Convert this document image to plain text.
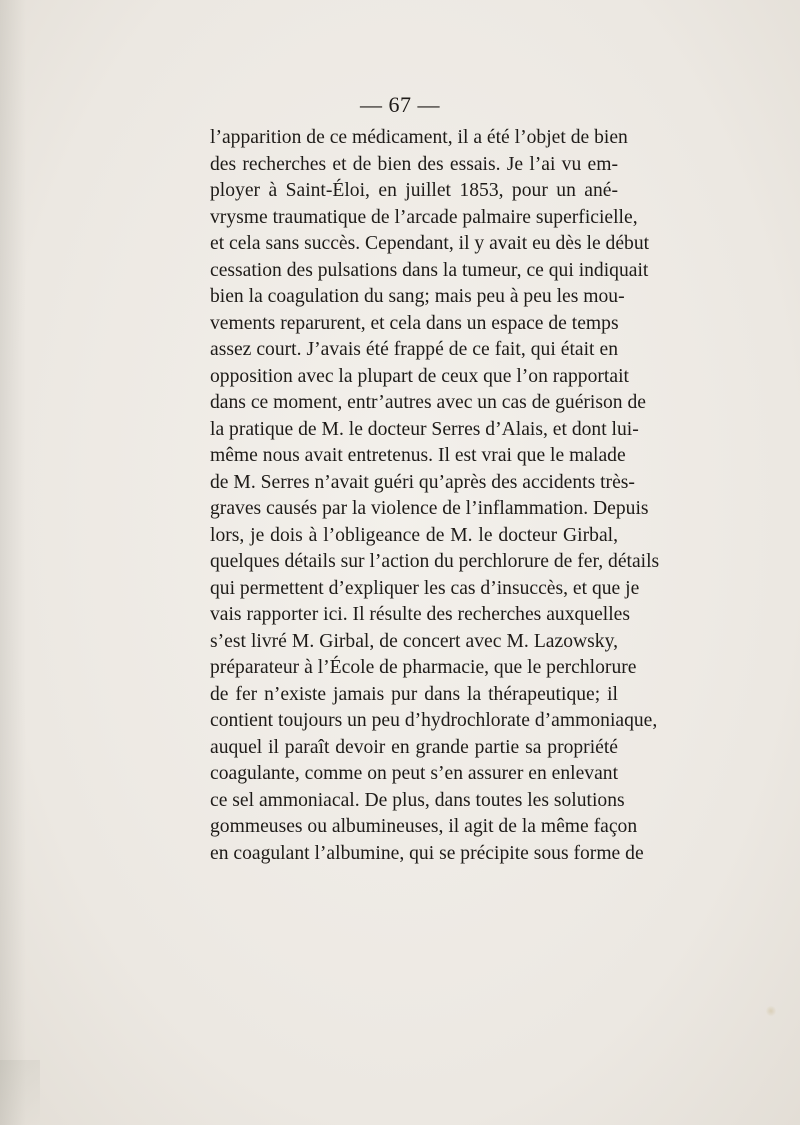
— 67 —
l’apparition de ce médicament, il a été l’objet de bien
des recherches et de bien des essais. Je l’ai vu em-
ployer à Saint-Éloi, en juillet 1853, pour un ané-
vrysme traumatique de l’arcade palmaire superficielle,
et cela sans succès. Cependant, il y avait eu dès le début
cessation des pulsations dans la tumeur, ce qui indiquait
bien la coagulation du sang; mais peu à peu les mou-
vements reparurent, et cela dans un espace de temps
assez court. J’avais été frappé de ce fait, qui était en
opposition avec la plupart de ceux que l’on rapportait
dans ce moment, entr’autres avec un cas de guérison de
la pratique de M. le docteur Serres d’Alais, et dont lui-
même nous avait entretenus. Il est vrai que le malade
de M. Serres n’avait guéri qu’après des accidents très-
graves causés par la violence de l’inflammation. Depuis
lors, je dois à l’obligeance de M. le docteur Girbal,
quelques détails sur l’action du perchlorure de fer, détails
qui permettent d’expliquer les cas d’insuccès, et que je
vais rapporter ici. Il résulte des recherches auxquelles
s’est livré M. Girbal, de concert avec M. Lazowsky,
préparateur à l’École de pharmacie, que le perchlorure
de fer n’existe jamais pur dans la thérapeutique; il
contient toujours un peu d’hydrochlorate d’ammoniaque,
auquel il paraît devoir en grande partie sa propriété
coagulante, comme on peut s’en assurer en enlevant
ce sel ammoniacal. De plus, dans toutes les solutions
gommeuses ou albumineuses, il agit de la même façon
en coagulant l’albumine, qui se précipite sous forme de
